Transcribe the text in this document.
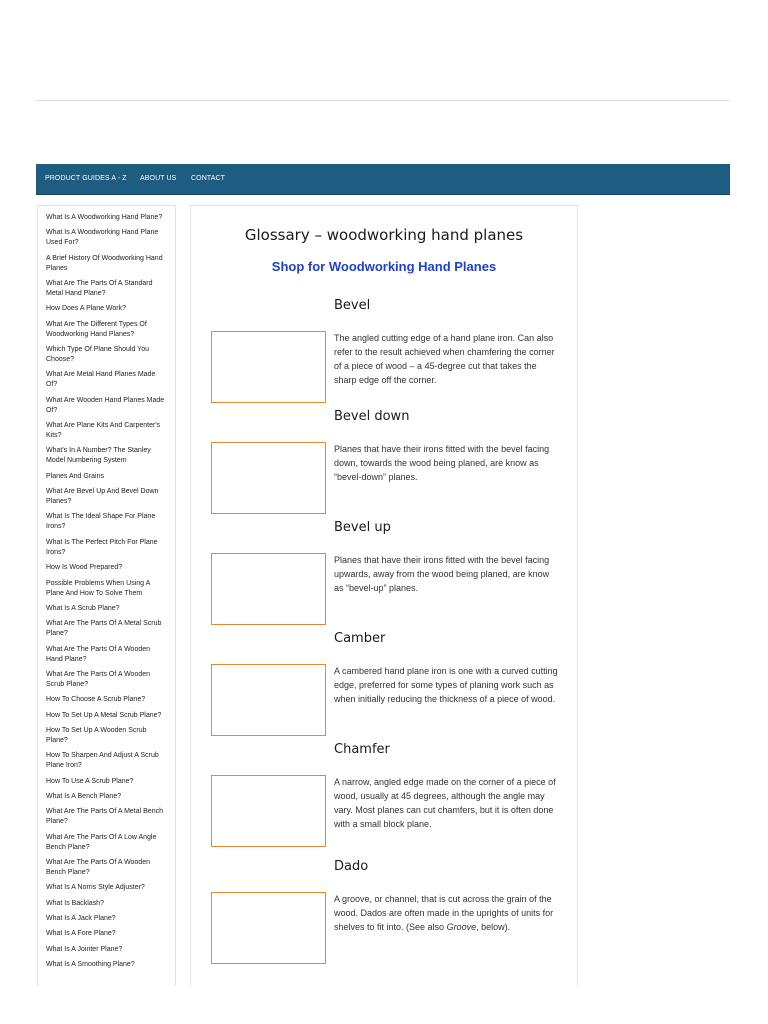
PRODUCT GUIDES A - Z ABOUT US CONTACT
What Is A Woodworking Hand Plane?
What Is A Woodworking Hand Plane Used For?
A Brief History Of Woodworking Hand Planes
What Are The Parts Of A Standard Metal Hand Plane?
How Does A Plane Work?
What Are The Different Types Of Woodworking Hand Planes?
Which Type Of Plane Should You Choose?
What Are Metal Hand Planes Made Of?
What Are Wooden Hand Planes Made Of?
What Are Plane Kits And Carpenter's Kits?
What's In A Number? The Stanley Model Numbering System
Planes And Grains
What Are Bevel Up And Bevel Down Planes?
What Is The Ideal Shape For Plane Irons?
What Is The Perfect Pitch For Plane Irons?
How Is Wood Prepared?
Possible Problems When Using A Plane And How To Solve Them
What Is A Scrub Plane?
What Are The Parts Of A Metal Scrub Plane?
What Are The Parts Of A Wooden Hand Plane?
What Are The Parts Of A Wooden Scrub Plane?
How To Choose A Scrub Plane?
How To Set Up A Metal Scrub Plane?
How To Set Up A Wooden Scrub Plane?
How To Sharpen And Adjust A Scrub Plane Iron?
How To Use A Scrub Plane?
What Is A Bench Plane?
What Are The Parts Of A Metal Bench Plane?
What Are The Parts Of A Low Angle Bench Plane?
What Are The Parts Of A Wooden Bench Plane?
What Is A Norris Style Adjuster?
What Is Backlash?
What Is A Jack Plane?
What Is A Fore Plane?
What Is A Jointer Plane?
What Is A Smoothing Plane?
Glossary – woodworking hand planes
Shop for Woodworking Hand Planes
Bevel
The angled cutting edge of a hand plane iron. Can also refer to the result achieved when chamfering the corner of a piece of wood – a 45-degree cut that takes the sharp edge off the corner.
Bevel down
Planes that have their irons fitted with the bevel facing down, towards the wood being planed, are know as “bevel-down” planes.
Bevel up
Planes that have their irons fitted with the bevel facing upwards, away from the wood being planed, are know as “bevel-up” planes.
Camber
A cambered hand plane iron is one with a curved cutting edge, preferred for some types of planing work such as when initially reducing the thickness of a piece of wood.
Chamfer
A narrow, angled edge made on the corner of a piece of wood, usually at 45 degrees, although the angle may vary. Most planes can cut chamfers, but it is often done with a small block plane.
Dado
A groove, or channel, that is cut across the grain of the wood. Dados are often made in the uprights of units for shelves to fit into. (See also Groove, below).
